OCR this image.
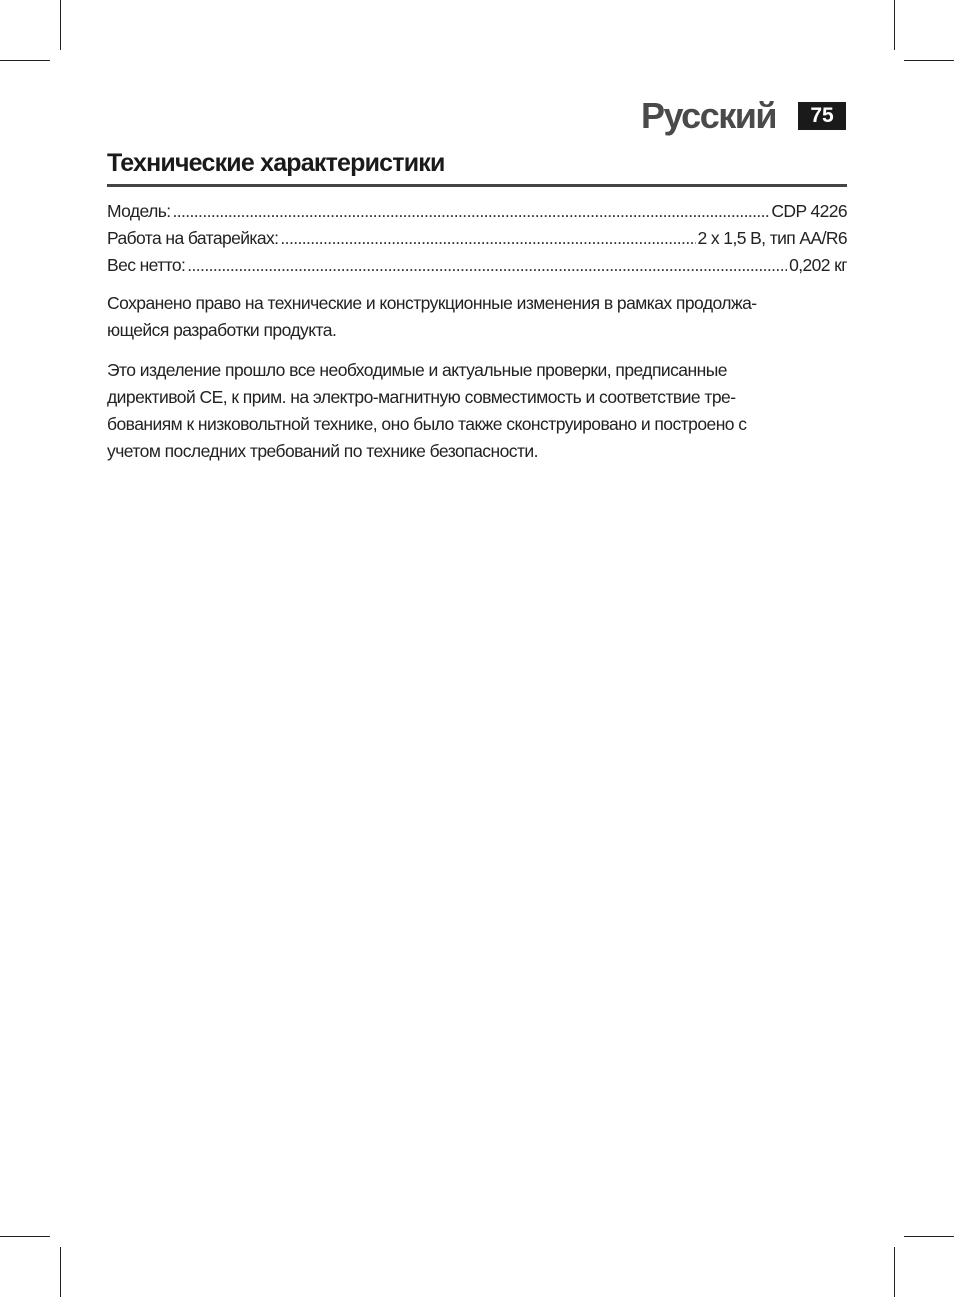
Русский	75
Технические характеристики
Модель: .....	CDP 4226
Работа на батарейках: .....	2 x 1,5 В, тип AA/R6
Вес нетто: .....	0,202 кг

Сохранено право на технические и конструкционные изменения в рамках продолжа-
ющейся разработки продукта.

Это изделение прошло все необходимые и актуальные проверки, предписанные
директивой CE, к прим. на электро-магнитную совместимость и соответствие тре-
бованиям к низковольтной технике, оно было также сконструировано и построено с
учетом последних требований по технике безопасности.
